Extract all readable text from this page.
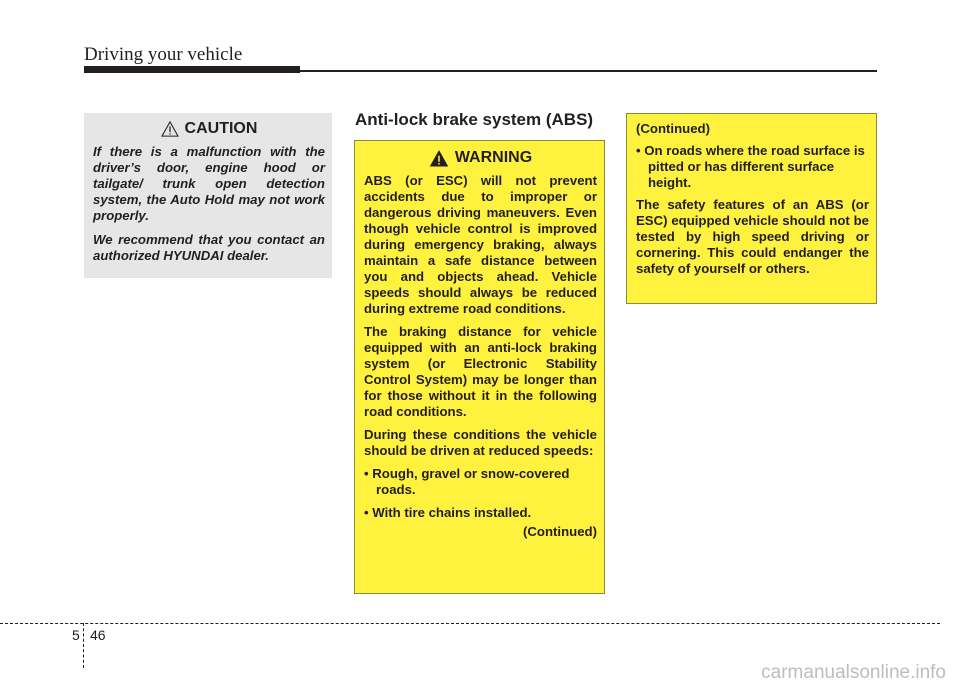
Driving your vehicle
CAUTION

If there is a malfunction with the driver’s door, engine hood or tailgate/ trunk open detection system, the Auto Hold may not work properly.

We recommend that you contact an authorized HYUNDAI dealer.

Anti-lock brake system (ABS)
WARNING

ABS (or ESC) will not prevent accidents due to improper or dangerous driving maneuvers. Even though vehicle control is improved during emergency braking, always maintain a safe distance between you and objects ahead. Vehicle speeds should always be reduced during extreme road conditions.

The braking distance for vehicle equipped with an anti-lock braking system (or Electronic Stability Control System) may be longer than for those without it in the following road conditions.

During these conditions the vehicle should be driven at reduced speeds:

• Rough, gravel or snow-covered roads.

• With tire chains installed.

(Continued)

(Continued)

• On roads where the road surface is pitted or has different surface height.

The safety features of an ABS (or ESC) equipped vehicle should not be tested by high speed driving or cornering. This could endanger the safety of yourself or others.

5 46
carmanualsonline.info
